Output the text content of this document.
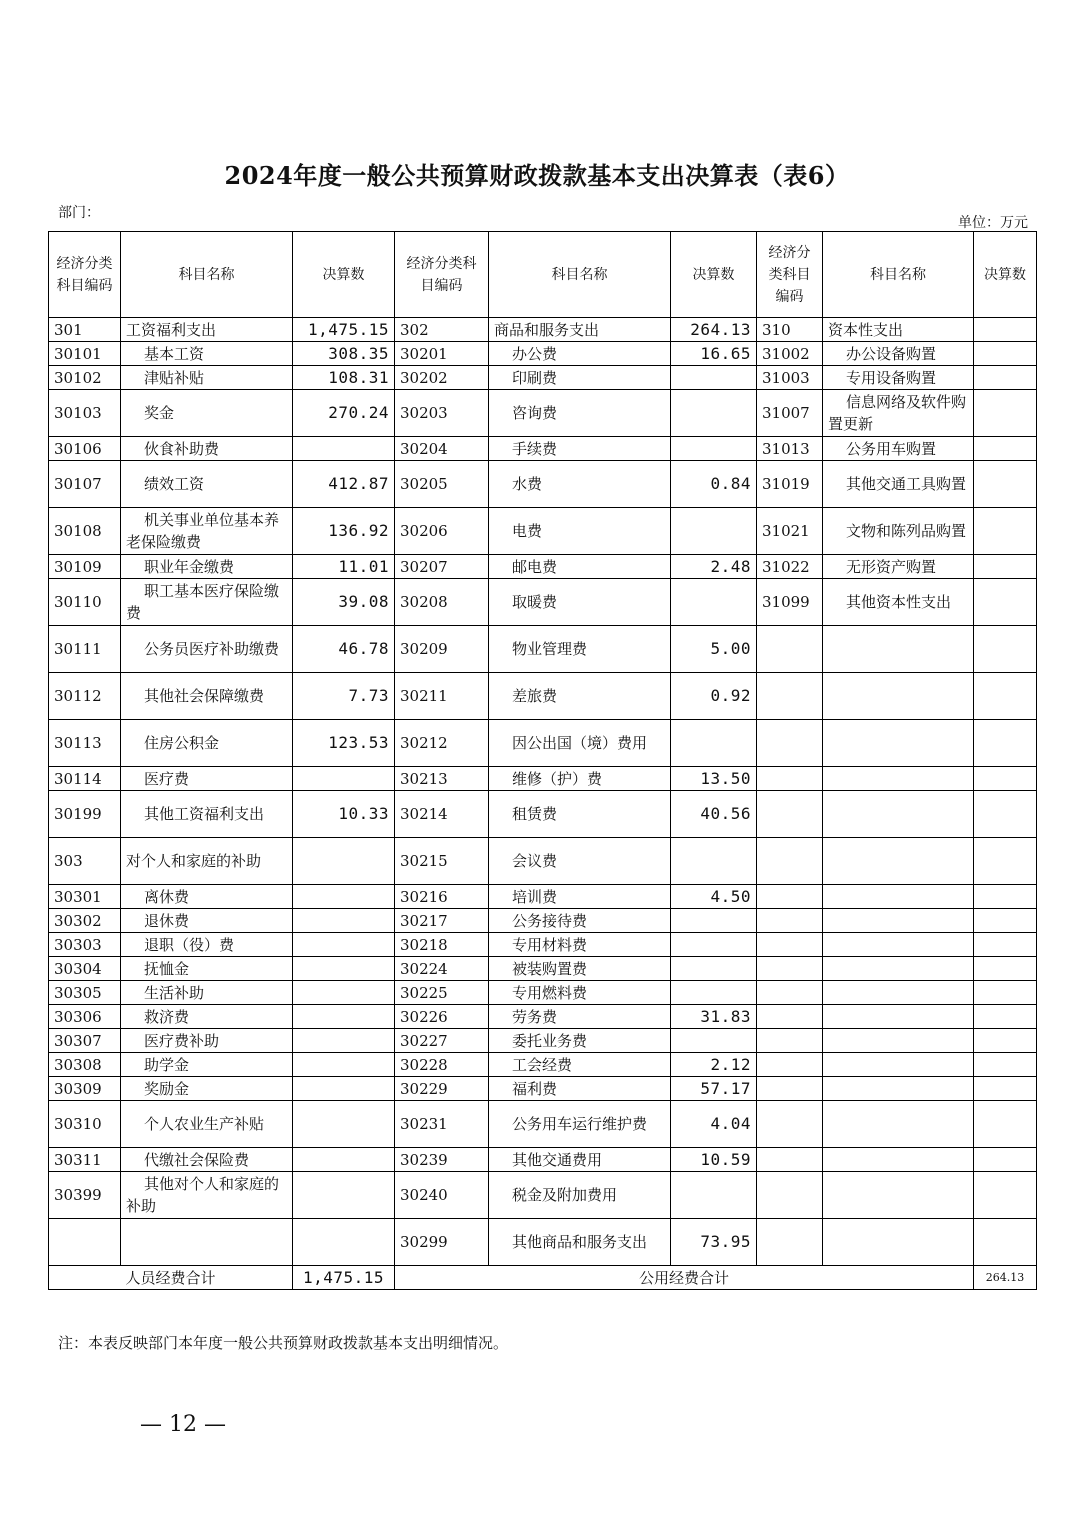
2024年度一般公共预算财政拨款基本支出决算表（表6）
部门：
单位：万元
经济分类科目编码	科目名称	决算数	经济分类科目编码	科目名称	决算数	经济分类科目编码	科目名称	决算数
301	工资福利支出	1,475.15	302	商品和服务支出	264.13	310	资本性支出	
30101	基本工资	308.35	30201	办公费	16.65	31002	办公设备购置	
30102	津贴补贴	108.31	30202	印刷费		31003	专用设备购置	
30103	奖金	270.24	30203	咨询费		31007	信息网络及软件购置更新	
30106	伙食补助费		30204	手续费		31013	公务用车购置	
30107	绩效工资	412.87	30205	水费	0.84	31019	其他交通工具购置	
30108	机关事业单位基本养老保险缴费	136.92	30206	电费		31021	文物和陈列品购置	
30109	职业年金缴费	11.01	30207	邮电费	2.48	31022	无形资产购置	
30110	职工基本医疗保险缴费	39.08	30208	取暖费		31099	其他资本性支出	
30111	公务员医疗补助缴费	46.78	30209	物业管理费	5.00			
30112	其他社会保障缴费	7.73	30211	差旅费	0.92			
30113	住房公积金	123.53	30212	因公出国（境）费用				
30114	医疗费		30213	维修（护）费	13.50			
30199	其他工资福利支出	10.33	30214	租赁费	40.56			
303	对个人和家庭的补助		30215	会议费				
30301	离休费		30216	培训费	4.50			
30302	退休费		30217	公务接待费				
30303	退职（役）费		30218	专用材料费				
30304	抚恤金		30224	被装购置费				
30305	生活补助		30225	专用燃料费				
30306	救济费		30226	劳务费	31.83			
30307	医疗费补助		30227	委托业务费				
30308	助学金		30228	工会经费	2.12			
30309	奖励金		30229	福利费	57.17			
30310	个人农业生产补贴		30231	公务用车运行维护费	4.04			
30311	代缴社会保险费		30239	其他交通费用	10.59			
30399	其他对个人和家庭的补助		30240	税金及附加费用				
			30299	其他商品和服务支出	73.95			
人员经费合计		1,475.15	公用经费合计					264.13
注：本表反映部门本年度一般公共预算财政拨款基本支出明细情况。
— 12 —
